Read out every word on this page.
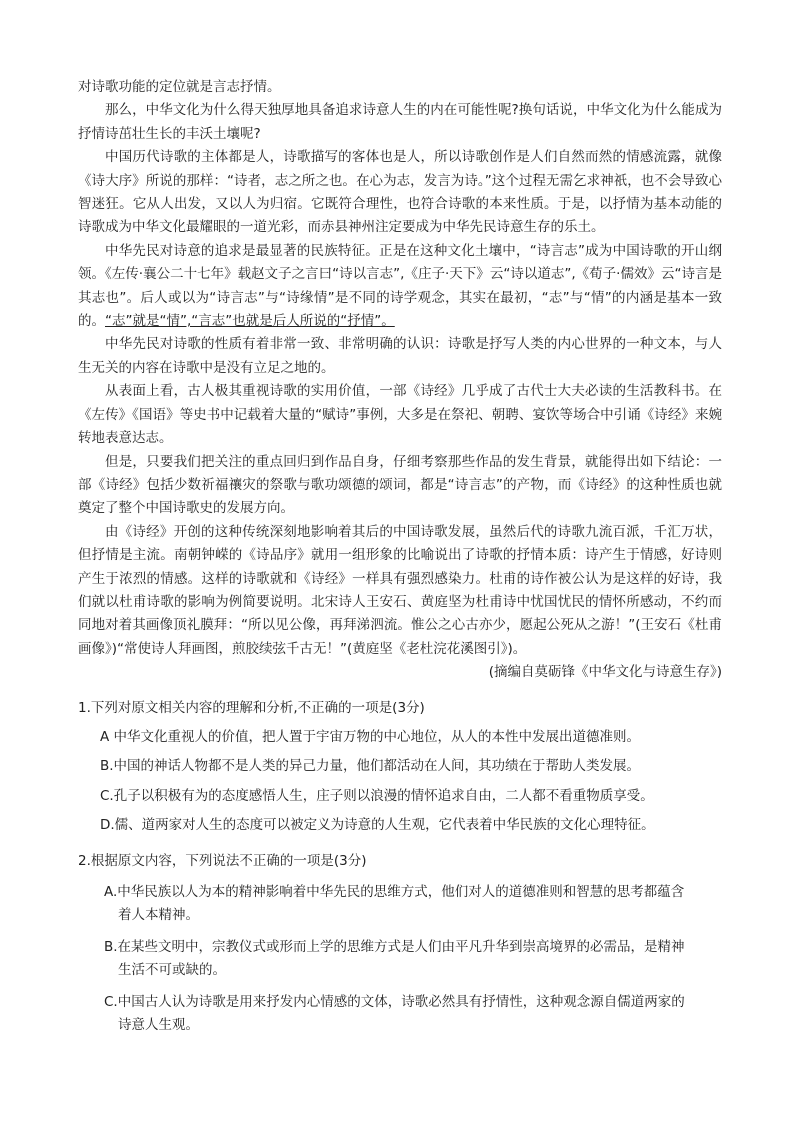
对诗歌功能的定位就是言志抒情。

那么，中华文化为什么得天独厚地具备追求诗意人生的内在可能性呢?换句话说，中华文化为什么能成为抒情诗茁壮生长的丰沃土壤呢?

中国历代诗歌的主体都是人，诗歌描写的客体也是人，所以诗歌创作是人们自然而然的情感流露，就像《诗大序》所说的那样：“诗者，志之所之也。在心为志，发言为诗。”这个过程无需乞求神祇，也不会导致心智迷狂。它从人出发，又以人为归宿。它既符合理性，也符合诗歌的本来性质。于是，以抒情为基本动能的诗歌成为中华文化最耀眼的一道光彩，而赤县神州注定要成为中华先民诗意生存的乐土。

中华先民对诗意的追求是最显著的民族特征。正是在这种文化土壤中，“诗言志”成为中国诗歌的开山纲领。《左传·襄公二十七年》载赵文子之言曰“诗以言志”,《庄子·天下》云“诗以道志”,《荀子·儒效》云“诗言是其志也”。后人或以为“诗言志”与“诗缘情”是不同的诗学观念，其实在最初，“志”与“情”的内涵是基本一致的。“志”就是“情”,“言志”也就是后人所说的“抒情”。

中华先民对诗歌的性质有着非常一致、非常明确的认识：诗歌是抒写人类的内心世界的一种文本，与人生无关的内容在诗歌中是没有立足之地的。

从表面上看，古人极其重视诗歌的实用价值，一部《诗经》几乎成了古代士大夫必读的生活教科书。在《左传》《国语》等史书中记载着大量的“赋诗”事例，大多是在祭祀、朝聘、宴饮等场合中引诵《诗经》来婉转地表意达志。

但是，只要我们把关注的重点回归到作品自身，仔细考察那些作品的发生背景，就能得出如下结论：一部《诗经》包括少数祈福禳灾的祭歌与歌功颂德的颂词，都是“诗言志”的产物，而《诗经》的这种性质也就奠定了整个中国诗歌史的发展方向。

由《诗经》开创的这种传统深刻地影响着其后的中国诗歌发展，虽然后代的诗歌九流百派，千汇万状，但抒情是主流。南朝钟嵘的《诗品序》就用一组形象的比喻说出了诗歌的抒情本质：诗产生于情感，好诗则产生于浓烈的情感。这样的诗歌就和《诗经》一样具有强烈感染力。杜甫的诗作被公认为是这样的好诗，我们就以杜甫诗歌的影响为例简要说明。北宋诗人王安石、黄庭坚为杜甫诗中忧国忧民的情怀所感动，不约而同地对着其画像顶礼膜拜：“所以见公像，再拜涕泗流。惟公之心古亦少，愿起公死从之游！”(王安石《杜甫画像》)“常使诗人拜画图，煎胶续弦千古无！”(黄庭坚《老杜浣花溪图引》)。

(摘编自莫砺锋《中华文化与诗意生存》)

1.下列对原文相关内容的理解和分析,不正确的一项是(3分)

A 中华文化重视人的价值，把人置于宇宙万物的中心地位，从人的本性中发展出道德准则。

B.中国的神话人物都不是人类的异己力量，他们都活动在人间，其功绩在于帮助人类发展。

C.孔子以积极有为的态度感悟人生，庄子则以浪漫的情怀追求自由，二人都不看重物质享受。

D.儒、道两家对人生的态度可以被定义为诗意的人生观，它代表着中华民族的文化心理特征。

2.根据原文内容，下列说法不正确的一项是(3分)

A.中华民族以人为本的精神影响着中华先民的思维方式，他们对人的道德准则和智慧的思考都蕴含
着人本精神。

B.在某些文明中，宗教仪式或形而上学的思维方式是人们由平凡升华到崇高境界的必需品，是精神
生活不可或缺的。

C.中国古人认为诗歌是用来抒发内心情感的文体，诗歌必然具有抒情性，这种观念源自儒道两家的
诗意人生观。
